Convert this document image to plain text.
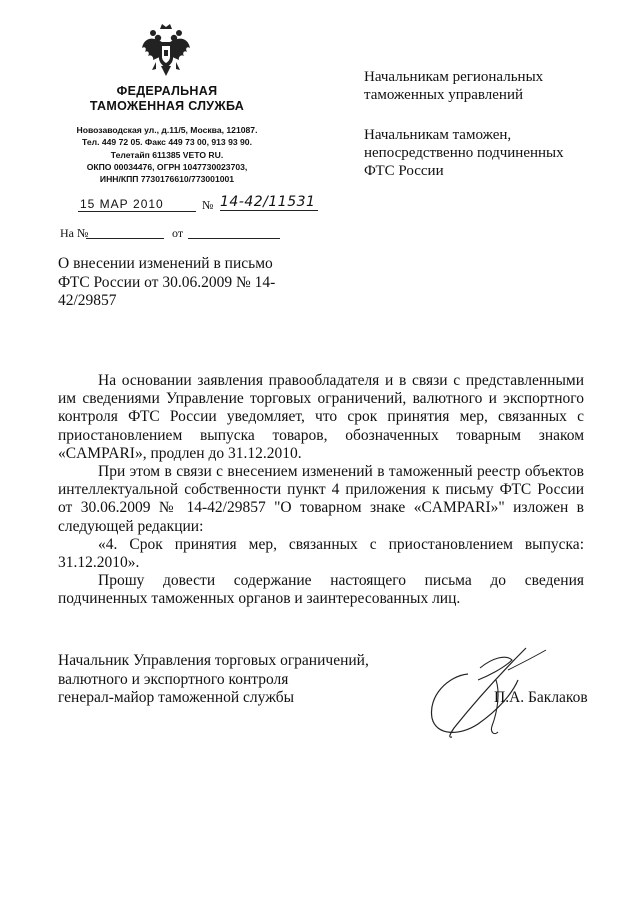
ФЕДЕРАЛЬНАЯ
ТАМОЖЕННАЯ СЛУЖБА
Новозаводская ул., д.11/5, Москва, 121087.
Тел. 449 72 05. Факс 449 73 00, 913 93 90.
Телетайп 611385 VETO RU.
ОКПО 00034476, ОГРН 1047730023703,
ИНН/КПП 7730176610/773001001
15 МАР 2010	№ 14-42/11531
На №	от
О внесении изменений в письмо
ФТС России от 30.06.2009 № 14-
42/29857
Начальникам региональных
таможенных управлений
Начальникам таможен,
непосредственно подчиненных
ФТС России

На основании заявления правообладателя и в связи с представленными им сведениями Управление торговых ограничений, валютного и экспортного контроля ФТС России уведомляет, что срок принятия мер, связанных с приостановлением выпуска товаров, обозначенных товарным знаком «CAMPARI», продлен до 31.12.2010.

При этом в связи с внесением изменений в таможенный реестр объектов интеллектуальной собственности пункт 4 приложения к письму ФТС России от 30.06.2009 № 14-42/29857 "О товарном знаке «CAMPARI»" изложен в следующей редакции:

«4. Срок принятия мер, связанных с приостановлением выпуска: 31.12.2010».

Прошу довести содержание настоящего письма до сведения подчиненных таможенных органов и заинтересованных лиц.

Начальник Управления торговых ограничений,
валютного и экспортного контроля
генерал-майор таможенной службы	П.А. Баклаков
